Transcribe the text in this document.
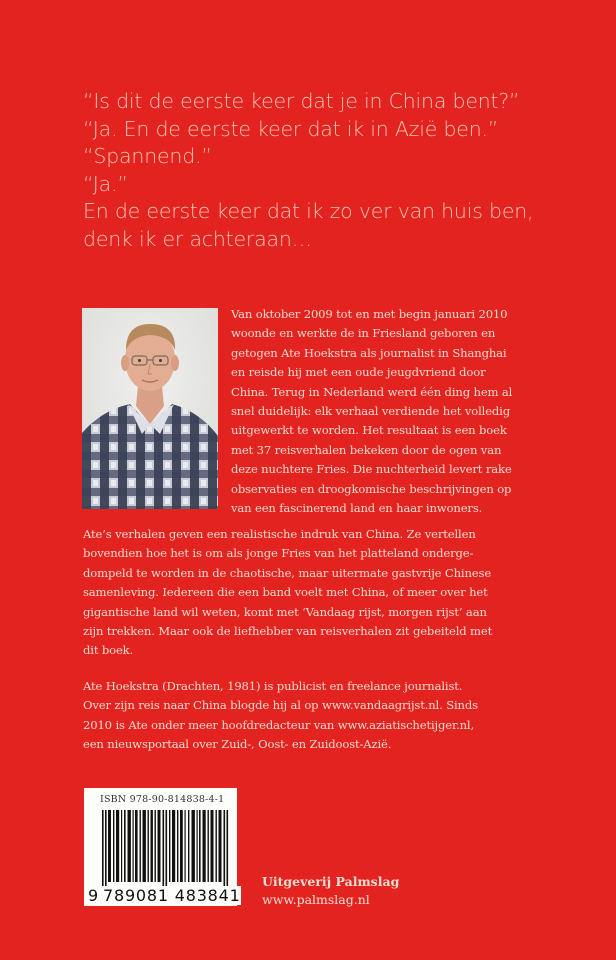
“Is dit de eerste keer dat je in China bent?”
“Ja. En de eerste keer dat ik in Azië ben.”
“Spannend.”
“Ja.”
En de eerste keer dat ik zo ver van huis ben,
denk ik er achteraan…
Van oktober 2009 tot en met begin januari 2010
woonde en werkte de in Friesland geboren en
getogen Ate Hoekstra als journalist in Shanghai
en reisde hij met een oude jeugdvriend door
China. Terug in Nederland werd één ding hem al
snel duidelijk: elk verhaal verdiende het volledig
uitgewerkt te worden. Het resultaat is een boek
met 37 reisverhalen bekeken door de ogen van
deze nuchtere Fries. Die nuchterheid levert rake
observaties en droogkomische beschrijvingen op
van een fascinerend land en haar inwoners.
Ate’s verhalen geven een realistische indruk van China. Ze vertellen
bovendien hoe het is om als jonge Fries van het platteland onderge-
dompeld te worden in de chaotische, maar uitermate gastvrije Chinese
samenleving. Iedereen die een band voelt met China, of meer over het
gigantische land wil weten, komt met ‘Vandaag rijst, morgen rijst’ aan
zijn trekken. Maar ook de liefhebber van reisverhalen zit gebeiteld met
dit boek.
Ate Hoekstra (Drachten, 1981) is publicist en freelance journalist.
Over zijn reis naar China blogde hij al op www.vandaagrijst.nl. Sinds
2010 is Ate onder meer hoofdredacteur van www.aziatischetijger.nl,
een nieuwsportaal over Zuid-, Oost- en Zuidoost-Azië.
ISBN 978-90-814838-4-1
9 789081 483841
Uitgeverij Palmslag
www.palmslag.nl
